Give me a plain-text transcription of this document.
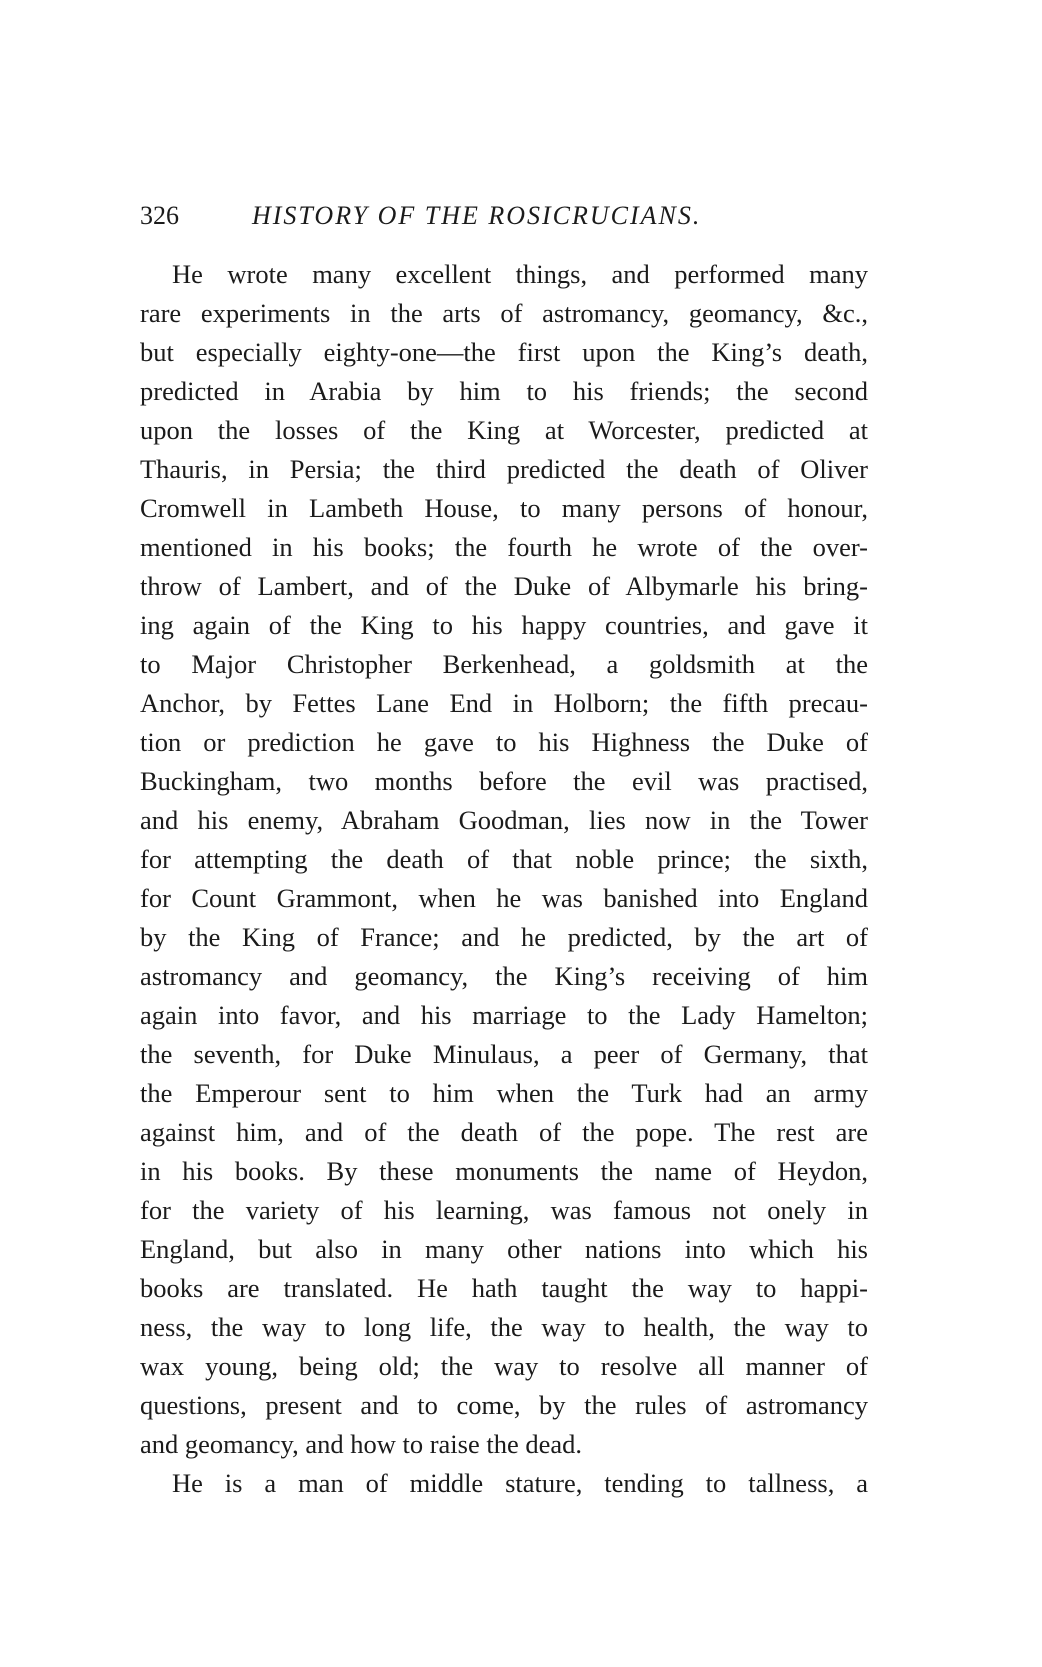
326	HISTORY OF THE ROSICRUCIANS.
He wrote many excellent things, and performed many
rare experiments in the arts of astromancy, geomancy, &c.,
but especially eighty-one—the first upon the King’s death,
predicted in Arabia by him to his friends; the second
upon the losses of the King at Worcester, predicted at
Thauris, in Persia; the third predicted the death of Oliver
Cromwell in Lambeth House, to many persons of honour,
mentioned in his books; the fourth he wrote of the over-
throw of Lambert, and of the Duke of Albymarle his bring-
ing again of the King to his happy countries, and gave it
to Major Christopher Berkenhead, a goldsmith at the
Anchor, by Fettes Lane End in Holborn; the fifth precau-
tion or prediction he gave to his Highness the Duke of
Buckingham, two months before the evil was practised,
and his enemy, Abraham Goodman, lies now in the Tower
for attempting the death of that noble prince; the sixth,
for Count Grammont, when he was banished into England
by the King of France; and he predicted, by the art of
astromancy and geomancy, the King’s receiving of him
again into favor, and his marriage to the Lady Hamelton;
the seventh, for Duke Minulaus, a peer of Germany, that
the Emperour sent to him when the Turk had an army
against him, and of the death of the pope. The rest are
in his books. By these monuments the name of Heydon,
for the variety of his learning, was famous not onely in
England, but also in many other nations into which his
books are translated. He hath taught the way to happi-
ness, the way to long life, the way to health, the way to
wax young, being old; the way to resolve all manner of
questions, present and to come, by the rules of astromancy
and geomancy, and how to raise the dead.
He is a man of middle stature, tending to tallness, a
